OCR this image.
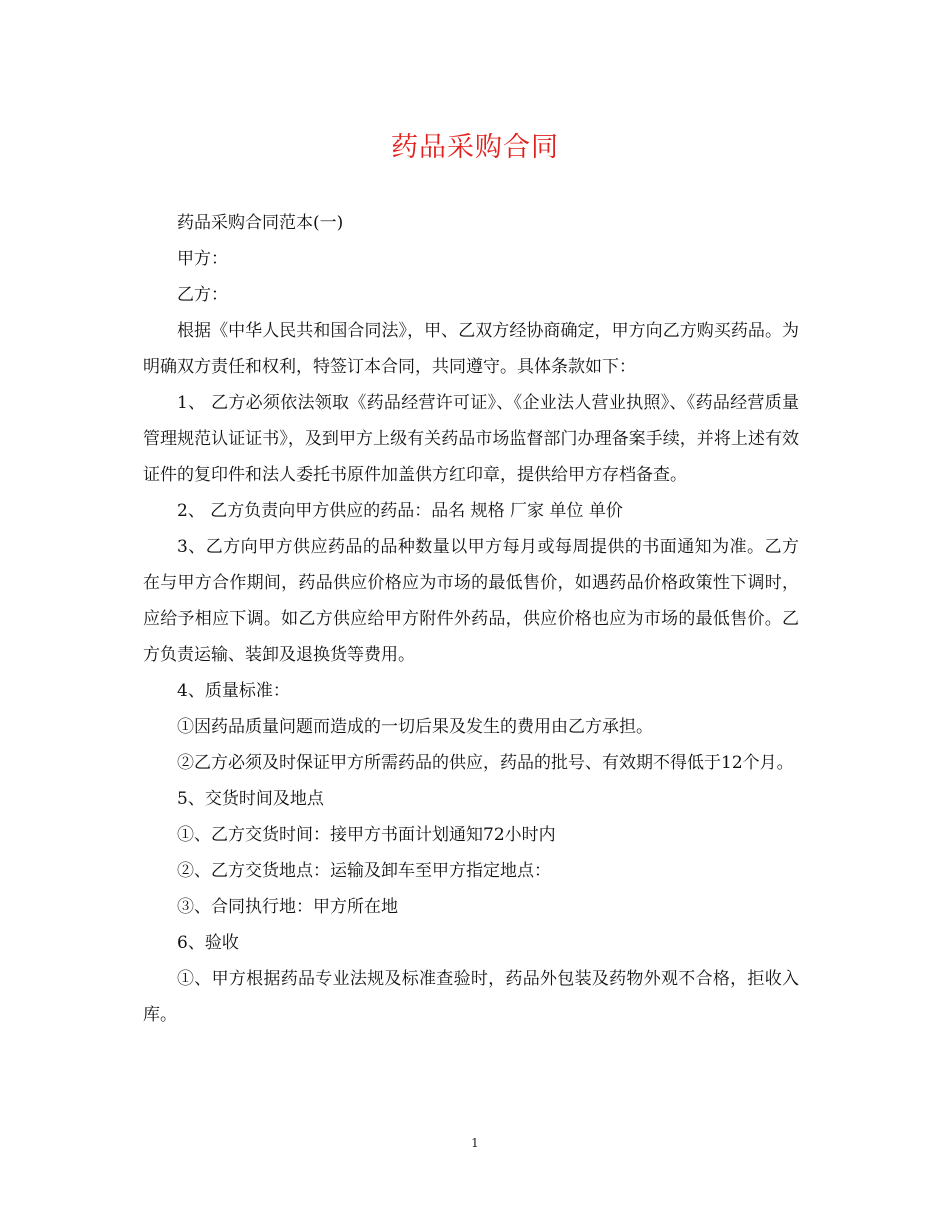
药品采购合同

药品采购合同范本(一)

甲方：

乙方：

根据《中华人民共和国合同法》，甲、乙双方经协商确定，甲方向乙方购买药品。为明确双方责任和权利，特签订本合同，共同遵守。具体条款如下：

1、 乙方必须依法领取《药品经营许可证》、《企业法人营业执照》、《药品经营质量管理规范认证证书》，及到甲方上级有关药品市场监督部门办理备案手续，并将上述有效证件的复印件和法人委托书原件加盖供方红印章，提供给甲方存档备查。

2、 乙方负责向甲方供应的药品：品名 规格 厂家 单位 单价

3、乙方向甲方供应药品的品种数量以甲方每月或每周提供的书面通知为准。乙方在与甲方合作期间，药品供应价格应为市场的最低售价，如遇药品价格政策性下调时，应给予相应下调。如乙方供应给甲方附件外药品，供应价格也应为市场的最低售价。乙方负责运输、装卸及退换货等费用。

4、质量标准：

①因药品质量问题而造成的一切后果及发生的费用由乙方承担。

②乙方必须及时保证甲方所需药品的供应，药品的批号、有效期不得低于12个月。

5、交货时间及地点

①、乙方交货时间：接甲方书面计划通知72小时内

②、乙方交货地点：运输及卸车至甲方指定地点：

③、合同执行地：甲方所在地

6、验收

①、甲方根据药品专业法规及标准查验时，药品外包装及药物外观不合格，拒收入库。

1
